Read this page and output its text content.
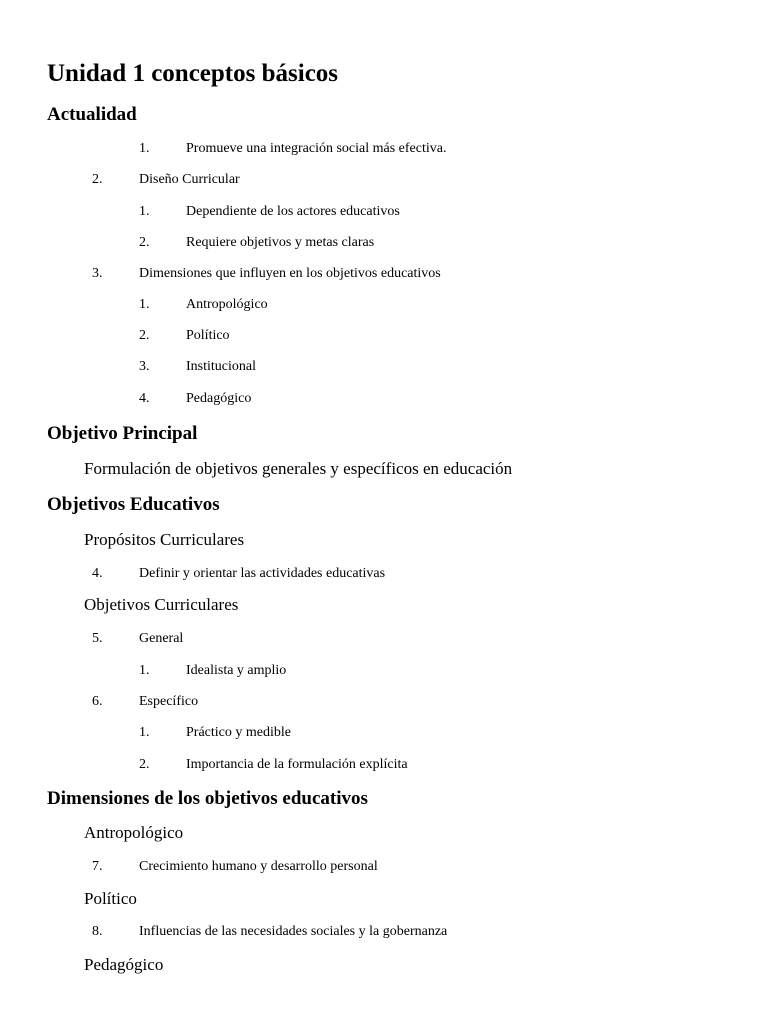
Unidad 1 conceptos básicos
Actualidad
1.	Promueve una integración social más efectiva.
2.	Diseño Curricular
1.	Dependiente de los actores educativos
2.	Requiere objetivos y metas claras
3.	Dimensiones que influyen en los objetivos educativos
1.	Antropológico
2.	Político
3.	Institucional
4.	Pedagógico
Objetivo Principal
Formulación de objetivos generales y específicos en educación
Objetivos Educativos
Propósitos Curriculares
4.	Definir y orientar las actividades educativas
Objetivos Curriculares
5.	General
1.	Idealista y amplio
6.	Específico
1.	Práctico y medible
2.	Importancia de la formulación explícita
Dimensiones de los objetivos educativos
Antropológico
7.	Crecimiento humano y desarrollo personal
Político
8.	Influencias de las necesidades sociales y la gobernanza
Pedagógico
